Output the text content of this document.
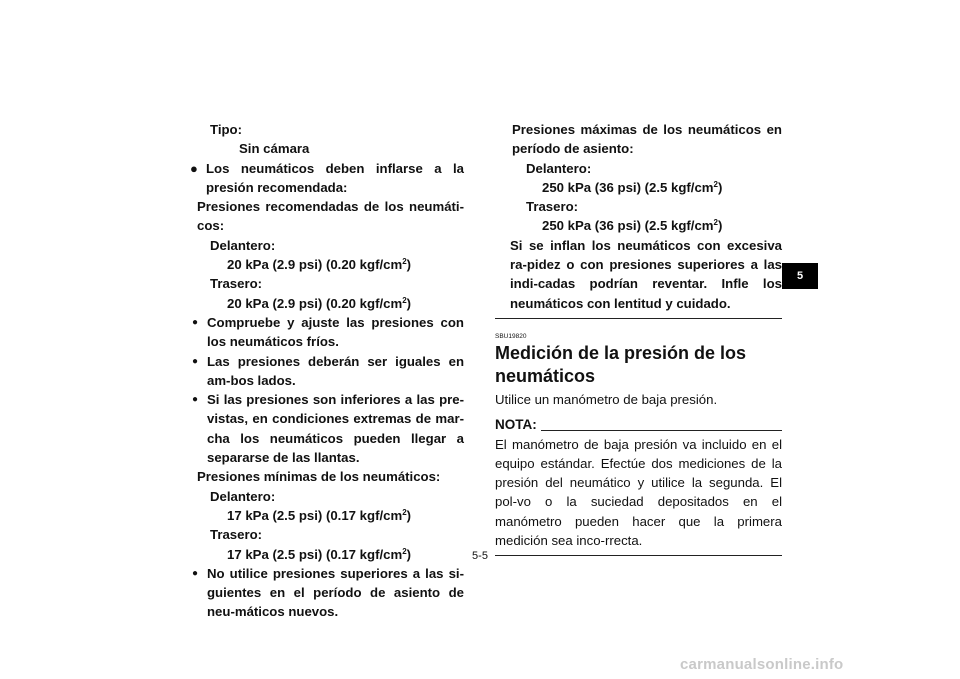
Tipo:
Sin cámara
● Los neumáticos deben inflarse a la presión recomendada:
Presiones recomendadas de los neumáti-cos:
Delantero:
20 kPa (2.9 psi) (0.20 kgf/$cm^2$)
Trasero:
20 kPa (2.9 psi) (0.20 kgf/$cm^2$)
● Compruebe y ajuste las presiones con los neumáticos fríos.
● Las presiones deberán ser iguales en am-bos lados.
● Si las presiones son inferiores a las pre-vistas, en condiciones extremas de mar-cha los neumáticos pueden llegar a separarse de las llantas.
Presiones mínimas de los neumáticos:
Delantero:
17 kPa (2.5 psi) (0.17 kgf/$cm^2$)
Trasero:
17 kPa (2.5 psi) (0.17 kgf/$cm^2$)
● No utilice presiones superiores a las si-guientes en el período de asiento de neu-máticos nuevos.
Presiones máximas de los neumáticos en período de asiento:
Delantero:
250 kPa (36 psi) (2.5 kgf/$cm^2$)
Trasero:
250 kPa (36 psi) (2.5 kgf/$cm^2$)
Si se inflan los neumáticos con excesiva ra-pidez o con presiones superiores a las indi-cadas podrían reventar. Infle los neumáticos con lentitud y cuidado.
SBU19820
Medición de la presión de los neumáticos
Utilice un manómetro de baja presión.
NOTA:
El manómetro de baja presión va incluido en el equipo estándar. Efectúe dos mediciones de la presión del neumático y utilice la segunda. El pol-vo o la suciedad depositados en el manómetro pueden hacer que la primera medición sea inco-rrecta.
5
5-5
carmanualsonline.info
